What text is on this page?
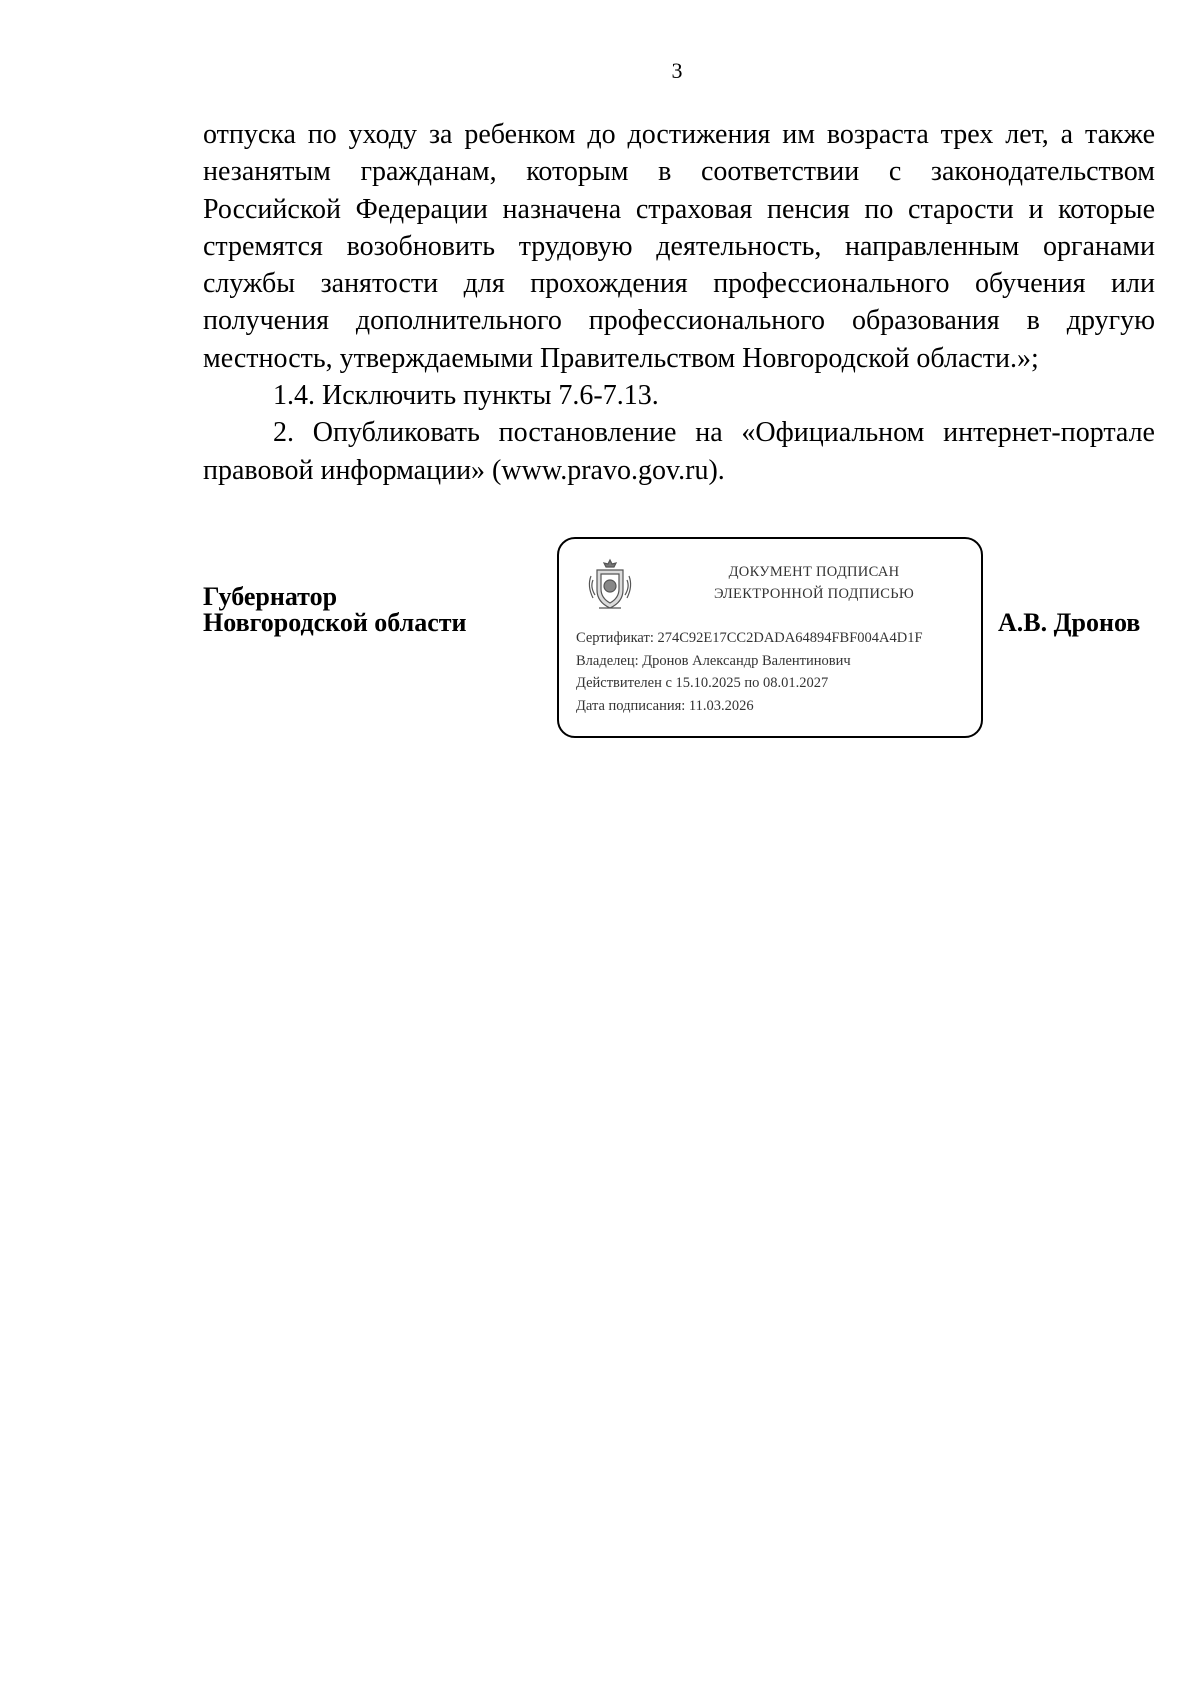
3

отпуска по уходу за ребенком до достижения им возраста трех лет, а также незанятым гражданам, которым в соответствии с законодательством Российской Федерации назначена страховая пенсия по старости и которые стремятся возобновить трудовую деятельность, направленным органами службы занятости для прохождения профессионального обучения или получения дополнительного профессионального образования в другую местность, утверждаемыми Правительством Новгородской области.»;

1.4. Исключить пункты 7.6-7.13.

2. Опубликовать постановление на «Официальном интернет-портале правовой информации» (www.pravo.gov.ru).

Губернатор
Новгородской области
ДОКУМЕНТ ПОДПИСАН
ЭЛЕКТРОННОЙ ПОДПИСЬЮ
Сертификат: 274C92E17CC2DADA64894FBF004A4D1F
Владелец: Дронов Александр Валентинович
Действителен с 15.10.2025 по 08.01.2027
Дата подписания: 11.03.2026
А.В. Дронов
